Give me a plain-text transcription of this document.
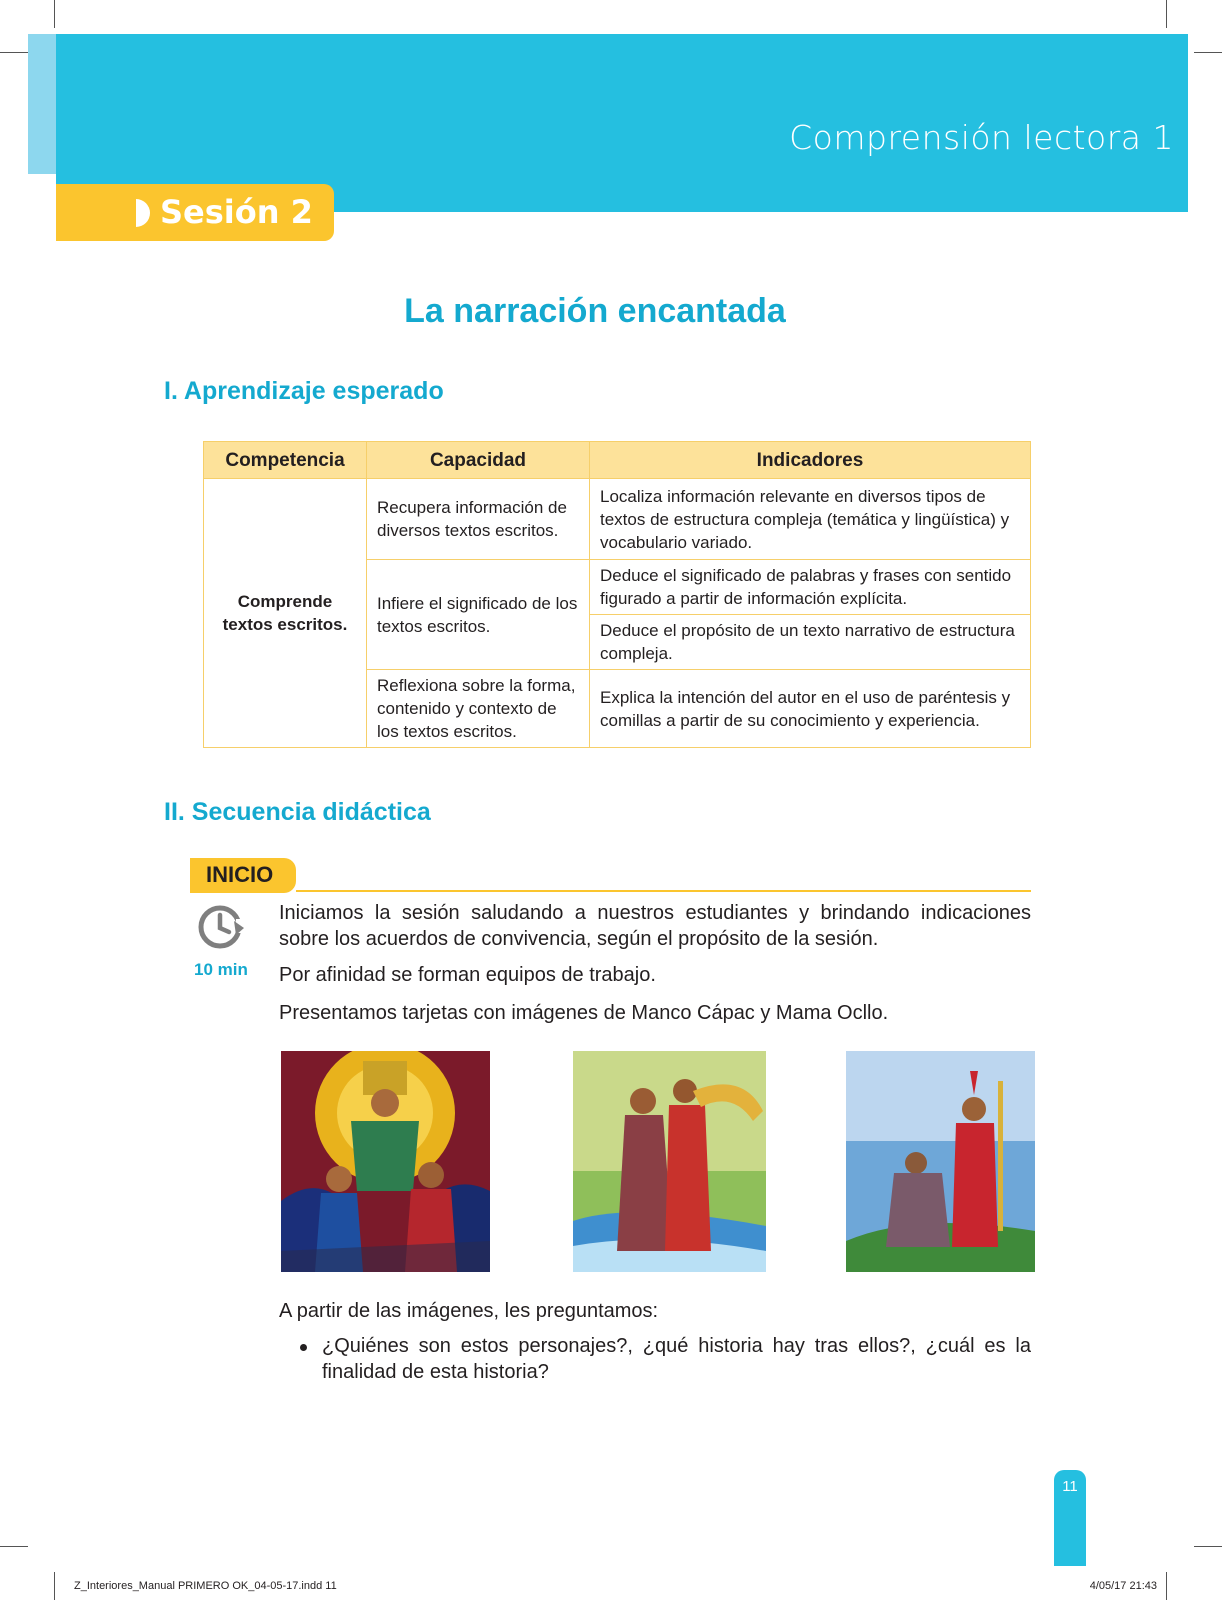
Comprensión lectora 1
Sesión 2
La narración encantada
I. Aprendizaje esperado
Competencia	Capacidad	Indicadores
Comprende textos escritos.	Recupera información de diversos textos escritos.	Localiza información relevante en diversos tipos de textos de estructura compleja (temática y lingüística) y vocabulario variado.
	Infiere el significado de los textos escritos.	Deduce el significado de palabras y frases con sentido figurado a partir de información explícita.
		Deduce el propósito de un texto narrativo de estructura compleja.
	Reflexiona sobre la forma, contenido y contexto de los textos escritos.	Explica la intención del autor en el uso de paréntesis y comillas a partir de su conocimiento y experiencia.
II. Secuencia didáctica
INICIO
10 min

Iniciamos la sesión saludando a nuestros estudiantes y brindando indicaciones sobre los acuerdos de convivencia, según el propósito de la sesión.

Por afinidad se forman equipos de trabajo.

Presentamos tarjetas con imágenes de Manco Cápac y Mama Ocllo.

A partir de las imágenes, les preguntamos:

¿Quiénes son estos personajes?, ¿qué historia hay tras ellos?, ¿cuál es la finalidad de esta historia?
11
Z_Interiores_Manual PRIMERO OK_04-05-17.indd 11	4/05/17 21:43
